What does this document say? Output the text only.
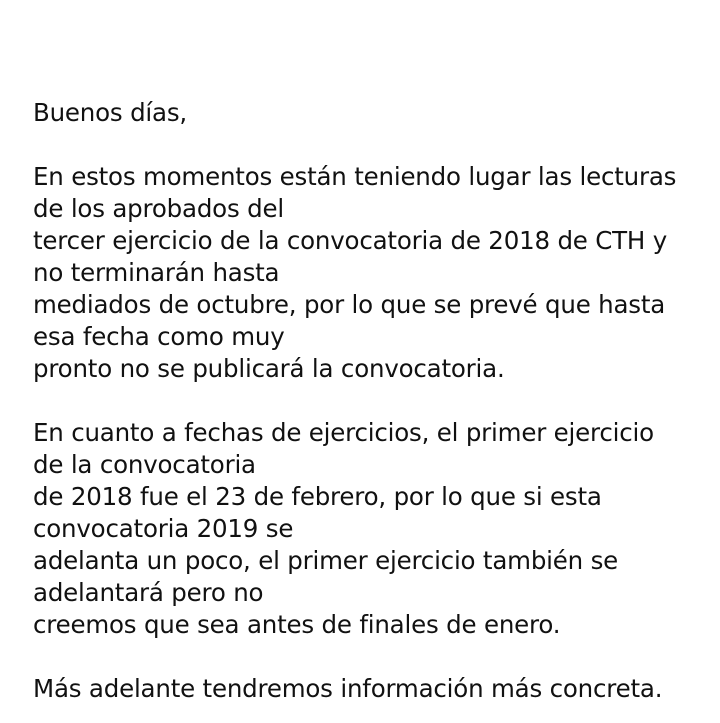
Buenos días,
En estos momentos están teniendo lugar las lecturas
de los aprobados del
tercer ejercicio de la convocatoria de 2018 de CTH y
no terminarán hasta
mediados de octubre, por lo que se prevé que hasta
esa fecha como muy
pronto no se publicará la convocatoria.
En cuanto a fechas de ejercicios, el primer ejercicio
de la convocatoria
de 2018 fue el 23 de febrero, por lo que si esta
convocatoria 2019 se
adelanta un poco, el primer ejercicio también se
adelantará pero no
creemos que sea antes de finales de enero.
Más adelante tendremos información más concreta.
